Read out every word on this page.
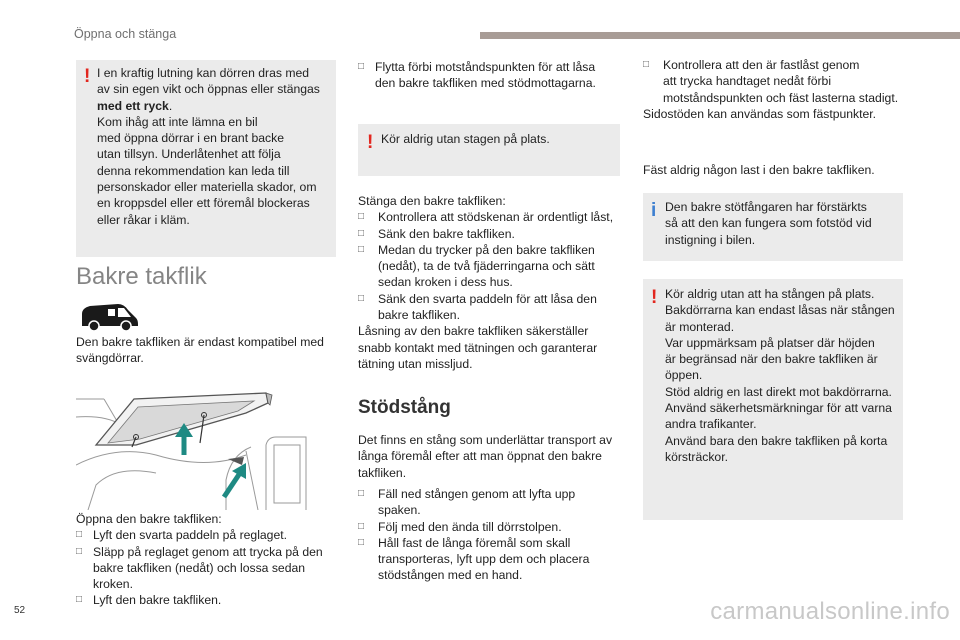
Öppna och stänga
! I en kraftig lutning kan dörren dras med
av sin egen vikt och öppnas eller stängas
med ett ryck.
Kom ihåg att inte lämna en bil
med öppna dörrar i en brant backe
utan tillsyn. Underlåtenhet att följa
denna rekommendation kan leda till
personskador eller materiella skador, om
en kroppsdel eller ett föremål blockeras
eller råkar i kläm.
Bakre takflik
Den bakre takfliken är endast kompatibel med
svängdörrar.
Öppna den bakre takfliken:
□ Lyft den svarta paddeln på reglaget.
□ Släpp på reglaget genom att trycka på den
bakre takfliken (nedåt) och lossa sedan
kroken.
□ Lyft den bakre takfliken.
□ Flytta förbi motståndspunkten för att låsa
den bakre takfliken med stödmottagarna.
! Kör aldrig utan stagen på plats.
Stänga den bakre takfliken:
□ Kontrollera att stödskenan är ordentligt låst,
□ Sänk den bakre takfliken.
□ Medan du trycker på den bakre takfliken
(nedåt), ta de två fjäderringarna och sätt
sedan kroken i dess hus.
□ Sänk den svarta paddeln för att låsa den
bakre takfliken.
Låsning av den bakre takfliken säkerställer
snabb kontakt med tätningen och garanterar
tätning utan missljud.
Stödstång
Det finns en stång som underlättar transport av
långa föremål efter att man öppnat den bakre
takfliken.
□ Fäll ned stången genom att lyfta upp
spaken.
□ Följ med den ända till dörrstolpen.
□ Håll fast de långa föremål som skall
transporteras, lyft upp dem och placera
stödstången med en hand.
□ Kontrollera att den är fastlåst genom
att trycka handtaget nedåt förbi
motståndspunkten och fäst lasterna stadigt.
Sidostöden kan användas som fästpunkter.
Fäst aldrig någon last i den bakre takfliken.
i Den bakre stötfångaren har förstärkts
så att den kan fungera som fotstöd vid
instigning i bilen.
! Kör aldrig utan att ha stången på plats.
Bakdörrarna kan endast låsas när stången
är monterad.
Var uppmärksam på platser där höjden
är begränsad när den bakre takfliken är
öppen.
Stöd aldrig en last direkt mot bakdörrarna.
Använd säkerhetsmärkningar för att varna
andra trafikanter.
Använd bara den bakre takfliken på korta
körsträckor.
52	carmanualsonline.info
